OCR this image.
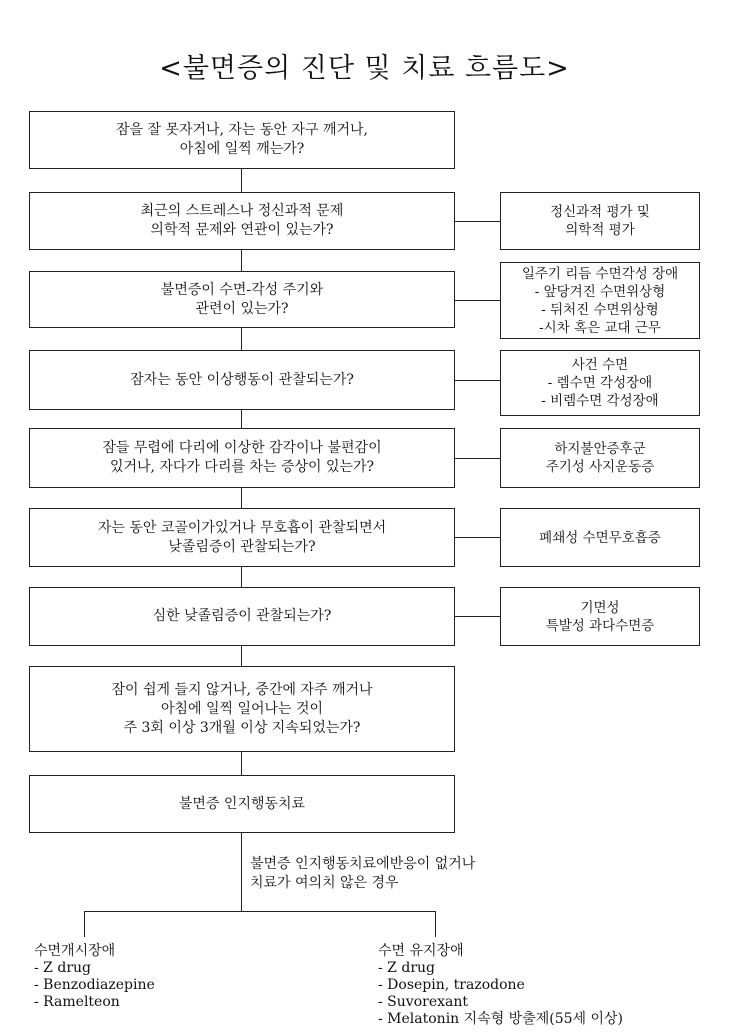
<불면증의 진단 및 치료 흐름도>
잠을 잘 못자거나, 자는 동안 자구 깨거나,
아침에 일찍 깨는가?
최근의 스트레스나 정신과적 문제
의학적 문제와 연관이 있는가?
불면증이 수면-각성 주기와
관련이 있는가?
잠자는 동안 이상행동이 관찰되는가?
잠들 무렵에 다리에 이상한 감각이나 불편감이
있거나, 자다가 다리를 차는 증상이 있는가?
자는 동안 코골이가있거나 무호흡이 관찰되면서
낮졸림증이 관찰되는가?
심한 낮졸림증이 관찰되는가?
잠이 쉽게 들지 않거나, 중간에 자주 깨거나
아침에 일찍 일어나는 것이
주 3회 이상 3개월 이상 지속되었는가?
불면증 인지행동치료
정신과적 평가 및
의학적 평가
일주기 리듬 수면각성 장애
- 앞당겨진 수면위상형
- 뒤처진 수면위상형
-시차 혹은 교대 근무
사건 수면
- 렘수면 각성장애
- 비렘수면 각성장애
하지불안증후군
주기성 사지운동증
폐쇄성 수면무호흡증
기면성
특발성 과다수면증
불면증 인지행동치료에반응이 없거나
치료가 여의치 않은 경우
수면개시장애
- Z drug
- Benzodiazepine
- Ramelteon
수면 유지장애
- Z drug
- Dosepin, trazodone
- Suvorexant
- Melatonin 지속형 방출제(55세 이상)
